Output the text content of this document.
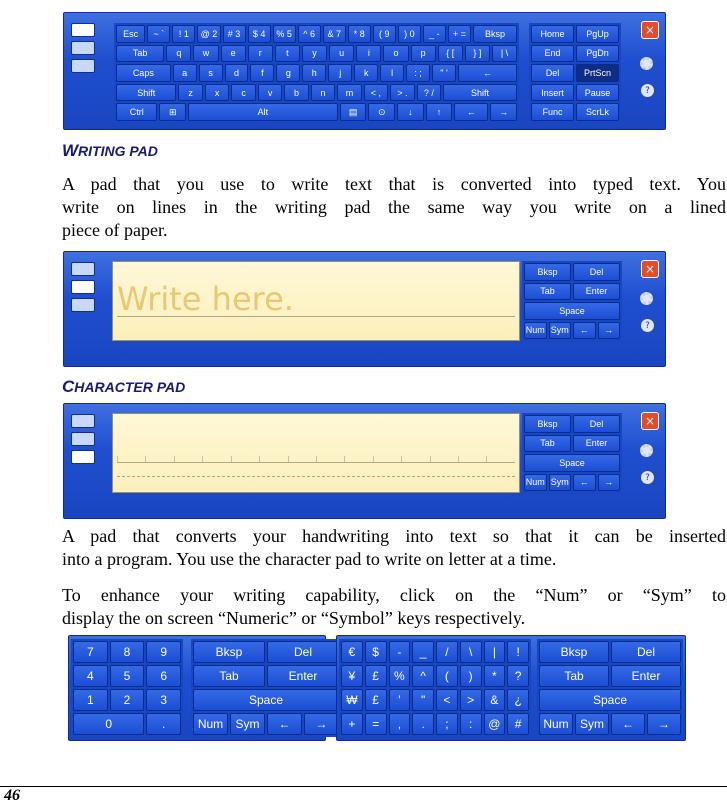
Esc	~ `	! 1	@ 2	# 3	$ 4	% 5	^ 6	& 7	* 8	( 9	) 0	_ -	+ =	Bksp
Tab	q	w	e	r	t	y	u	i	o	p	{ [	} ]	| \
Caps	a	s	d	f	g	h	j	k	l	: ;	" '	←
Shift	z	x	c	v	b	n	m	< ,	> .	? /	Shift
Ctrl	⊞	Alt	▤	⊙	↓	↑	←	→
Home	PgUp
End	PgDn
Del	PrtScn
Insert	Pause
Func	ScrLk
×
?
WRITING PAD
A pad that you use to write text that is converted into typed text. You
write on lines in the writing pad the same way you write on a lined
piece of paper.
Write here.
Bksp	Del
Tab	Enter
Space
Num Sym	←	→
×
?
CHARACTER PAD
Bksp	Del
Tab	Enter
Space
Num Sym	←	→
×
?
A pad that converts your handwriting into text so that it can be inserted
into a program. You use the character pad to write on letter at a time.
To enhance your writing capability, click on the “Num” or “Sym” to
display the on screen “Numeric” or “Symbol” keys respectively.
7	8	9
4	5	6
1	2	3
0	.
Bksp	Del
Tab	Enter
Space
Num	Sym	←	→
€	$	-	_	/	\	|	!
¥	£	%	^	(	)	*	?
₩	£	'	"	<	>	&	¿
+	=	,	.	;	:	@	#
Bksp	Del
Tab	Enter
Space
Num Sym	←	→
46
